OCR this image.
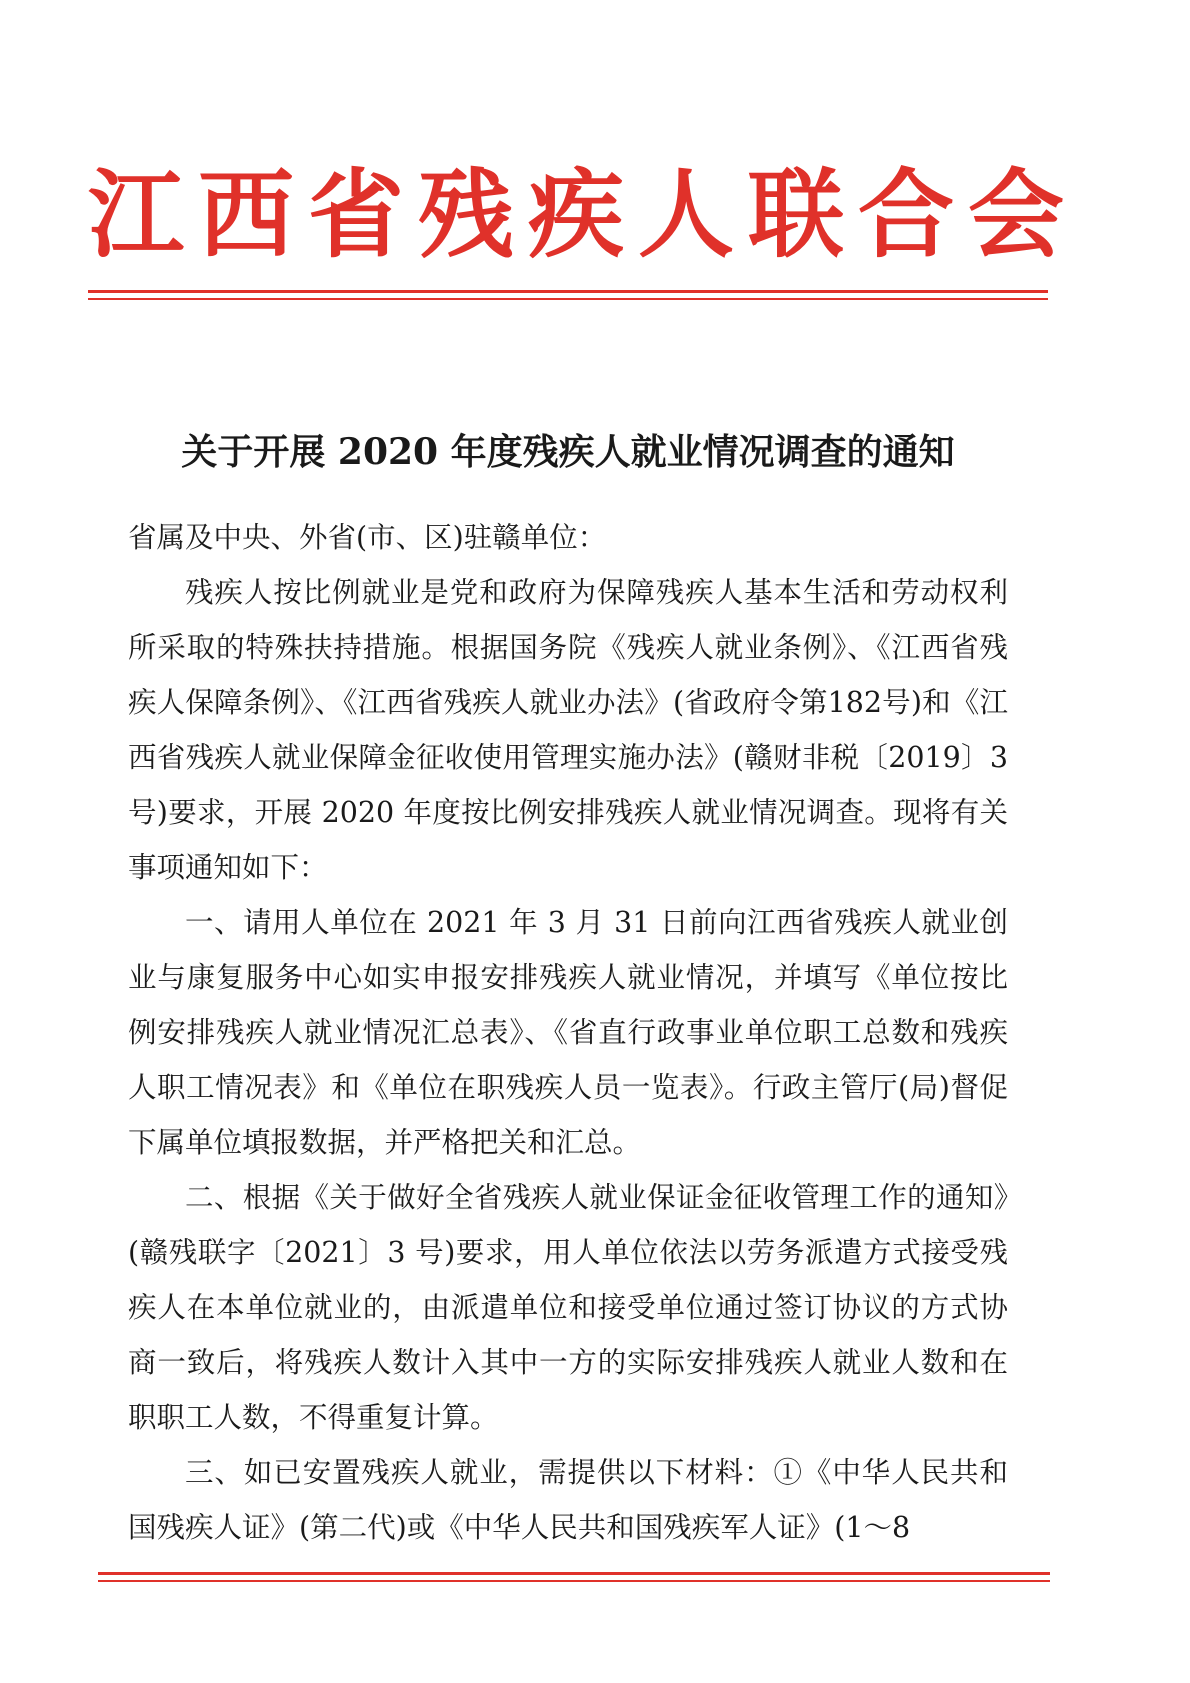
江西省残疾人联合会
关于开展 2020 年度残疾人就业情况调查的通知

省属及中央、外省(市、区)驻赣单位：

残疾人按比例就业是党和政府为保障残疾人基本生活和劳动权利所采取的特殊扶持措施。根据国务院《残疾人就业条例》、《江西省残疾人保障条例》、《江西省残疾人就业办法》(省政府令第182号)和《江西省残疾人就业保障金征收使用管理实施办法》(赣财非税〔2019〕3号)要求，开展 2020 年度按比例安排残疾人就业情况调查。现将有关事项通知如下：

一、请用人单位在 2021 年 3 月 31 日前向江西省残疾人就业创业与康复服务中心如实申报安排残疾人就业情况，并填写《单位按比例安排残疾人就业情况汇总表》、《省直行政事业单位职工总数和残疾人职工情况表》和《单位在职残疾人员一览表》。行政主管厅(局)督促下属单位填报数据，并严格把关和汇总。

二、根据《关于做好全省残疾人就业保证金征收管理工作的通知》(赣残联字〔2021〕3 号)要求，用人单位依法以劳务派遣方式接受残疾人在本单位就业的，由派遣单位和接受单位通过签订协议的方式协商一致后，将残疾人数计入其中一方的实际安排残疾人就业人数和在职职工人数，不得重复计算。

三、如已安置残疾人就业，需提供以下材料：①《中华人民共和国残疾人证》(第二代)或《中华人民共和国残疾军人证》(1～8
